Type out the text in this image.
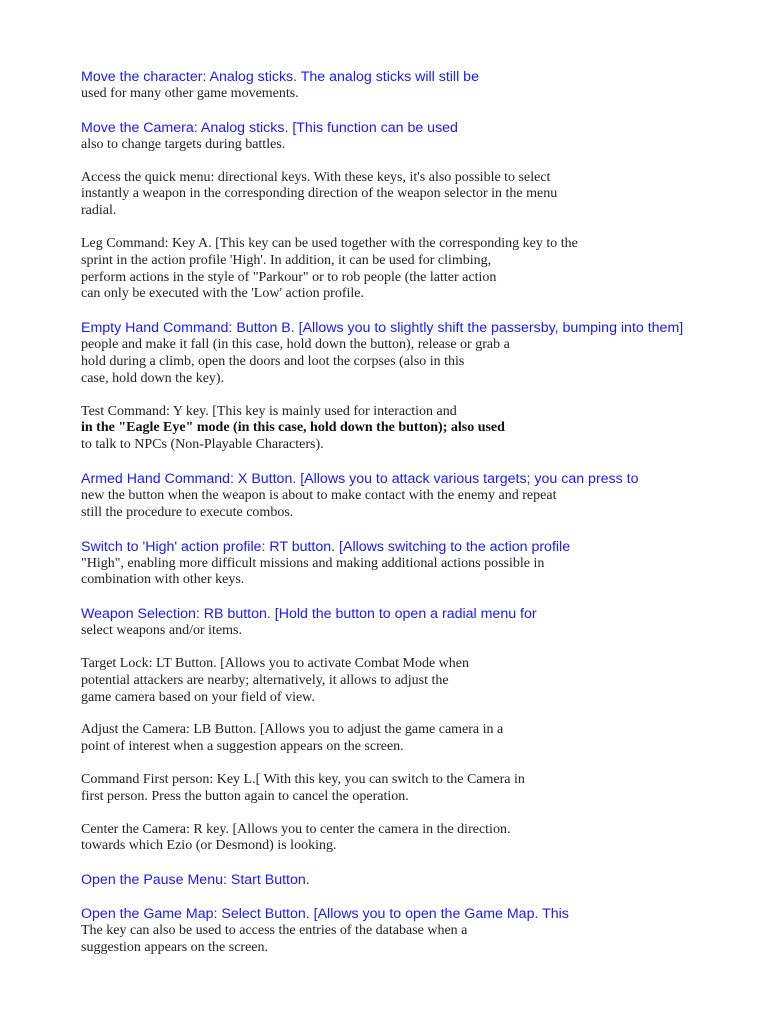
Move the character: Analog sticks. The analog sticks will still be
used for many other game movements.
Move the Camera: Analog sticks. [This function can be used
also to change targets during battles.
Access the quick menu: directional keys. With these keys, it's also possible to select
instantly a weapon in the corresponding direction of the weapon selector in the menu
radial.
Leg Command: Key A. [This key can be used together with the corresponding key to the
sprint in the action profile 'High'. In addition, it can be used for climbing,
perform actions in the style of "Parkour" or to rob people (the latter action
can only be executed with the 'Low' action profile.
Empty Hand Command: Button B. [Allows you to slightly shift the passersby, bumping into them]
people and make it fall (in this case, hold down the button), release or grab a
hold during a climb, open the doors and loot the corpses (also in this
case, hold down the key).
Test Command: Y key. [This key is mainly used for interaction and
in the "Eagle Eye" mode (in this case, hold down the button); also used
to talk to NPCs (Non-Playable Characters).
Armed Hand Command: X Button. [Allows you to attack various targets; you can press to
new the button when the weapon is about to make contact with the enemy and repeat
still the procedure to execute combos.
Switch to 'High' action profile: RT button. [Allows switching to the action profile
"High", enabling more difficult missions and making additional actions possible in
combination with other keys.
Weapon Selection: RB button. [Hold the button to open a radial menu for
select weapons and/or items.
Target Lock: LT Button. [Allows you to activate Combat Mode when
potential attackers are nearby; alternatively, it allows to adjust the
game camera based on your field of view.
Adjust the Camera: LB Button. [Allows you to adjust the game camera in a
point of interest when a suggestion appears on the screen.
Command First person: Key L.[ With this key, you can switch to the Camera in
first person. Press the button again to cancel the operation.
Center the Camera: R key. [Allows you to center the camera in the direction.
towards which Ezio (or Desmond) is looking.
Open the Pause Menu: Start Button.
Open the Game Map: Select Button. [Allows you to open the Game Map. This
The key can also be used to access the entries of the database when a
suggestion appears on the screen.
